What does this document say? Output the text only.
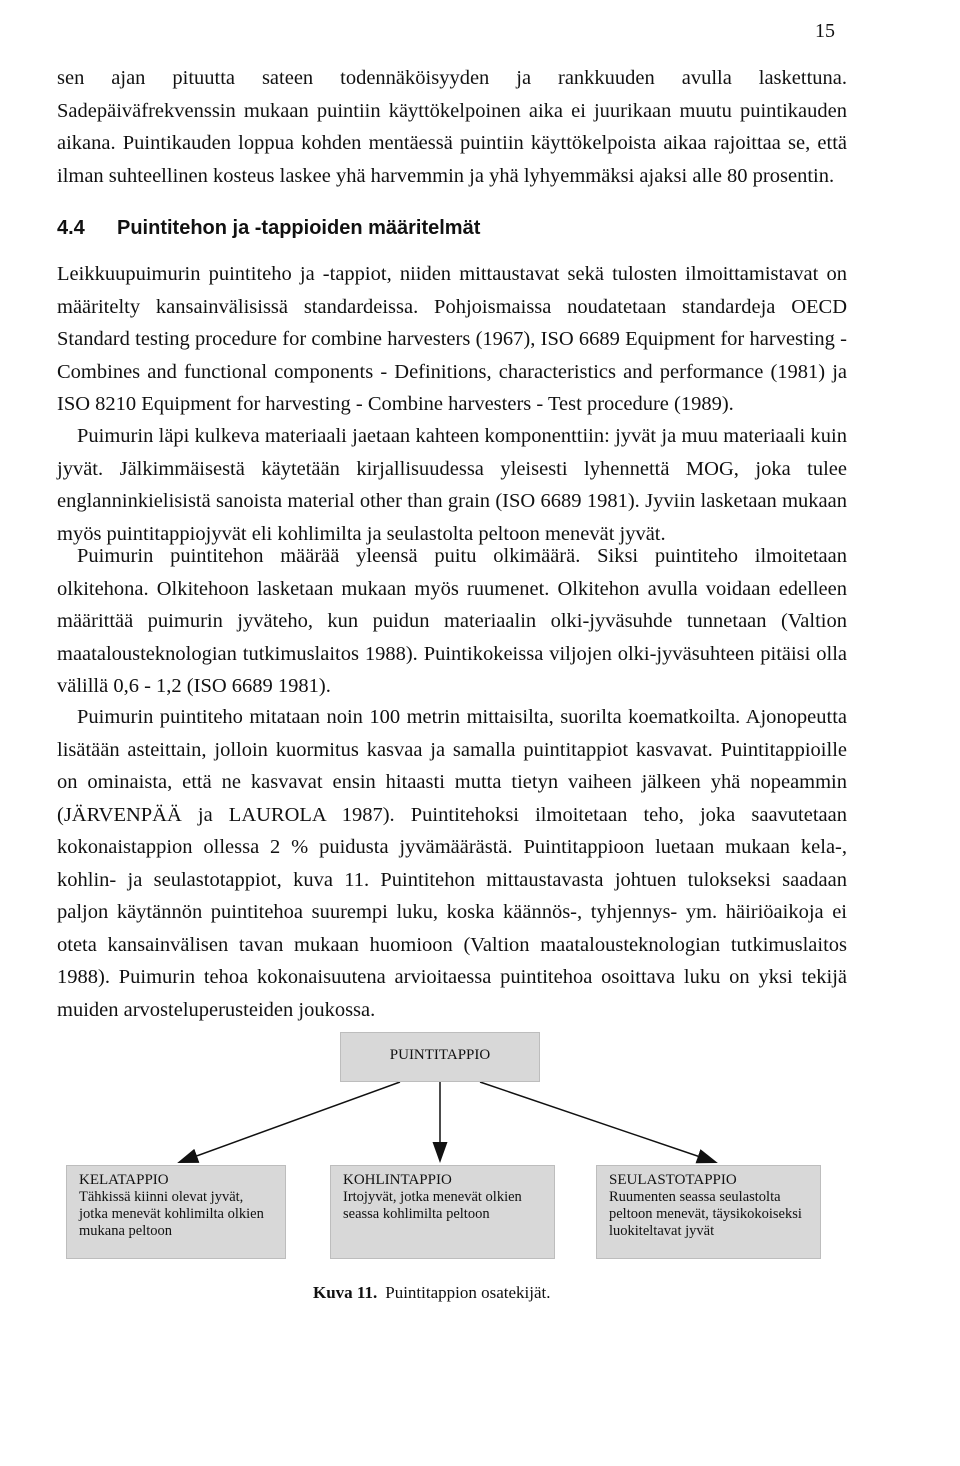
15

sen ajan pituutta sateen todennäköisyyden ja rankkuuden avulla laskettuna. Sadepäiväfrekvenssin mukaan puintiin käyttökelpoinen aika ei juurikaan muutu puintikauden aikana. Puintikauden loppua kohden mentäessä puintiin käyttökelpoista aikaa rajoittaa se, että ilman suhteellinen kosteus laskee yhä harvemmin ja yhä lyhyemmäksi ajaksi alle 80 prosentin.

4.4 Puintitehon ja -tappioiden määritelmät

Leikkuupuimurin puintiteho ja -tappiot, niiden mittaustavat sekä tulosten ilmoittamistavat on määritelty kansainvälisissä standardeissa. Pohjoismaissa noudatetaan standardeja OECD Standard testing procedure for combine harvesters (1967), ISO 6689 Equipment for harvesting - Combines and functional components - Definitions, characteristics and performance (1981) ja ISO 8210 Equipment for harvesting - Combine harvesters - Test procedure (1989).

Puimurin läpi kulkeva materiaali jaetaan kahteen komponenttiin: jyvät ja muu materiaali kuin jyvät. Jälkimmäisestä käytetään kirjallisuudessa yleisesti lyhennettä MOG, joka tulee englanninkielisistä sanoista material other than grain (ISO 6689 1981). Jyviin lasketaan mukaan myös puintitappiojyvät eli kohlimilta ja seulastolta peltoon menevät jyvät.

Puimurin puintitehon määrää yleensä puitu olkimäärä. Siksi puintiteho ilmoitetaan olkitehona. Olkitehoon lasketaan mukaan myös ruumenet. Olkitehon avulla voidaan edelleen määrittää puimurin jyväteho, kun puidun materiaalin olki-jyväsuhde tunnetaan (Valtion maatalousteknologian tutkimuslaitos 1988). Puintikokeissa viljojen olki-jyväsuhteen pitäisi olla välillä 0,6 - 1,2 (ISO 6689 1981).

Puimurin puintiteho mitataan noin 100 metrin mittaisilta, suorilta koematkoilta. Ajonopeutta lisätään asteittain, jolloin kuormitus kasvaa ja samalla puintitappiot kasvavat. Puintitappioille on ominaista, että ne kasvavat ensin hitaasti mutta tietyn vaiheen jälkeen yhä nopeammin (JÄRVENPÄÄ ja LAUROLA 1987). Puintitehoksi ilmoitetaan teho, joka saavutetaan kokonaistappion ollessa 2 % puidusta jyvämäärästä. Puintitappioon luetaan mukaan kela-, kohlin- ja seulastotappiot, kuva 11. Puintitehon mittaustavasta johtuen tulokseksi saadaan paljon käytännön puintitehoa suurempi luku, koska käännös-, tyhjennys- ym. häiriöaikoja ei oteta kansainvälisen tavan mukaan huomioon (Valtion maatalousteknologian tutkimuslaitos 1988). Puimurin tehoa kokonaisuutena arvioitaessa puintitehoa osoittava luku on yksi tekijä muiden arvosteluperusteiden joukossa.

PUINTITAPPIO
KELATAPPIO
Tähkissä kiinni olevat jyvät, jotka menevät kohlimilta olkien mukana peltoon
KOHLINTAPPIO
Irtojyvät, jotka menevät olkien seassa kohlimilta peltoon
SEULASTOTAPPIO
Ruumenten seassa seulastolta peltoon menevät, täysikokoiseksi luokiteltavat jyvät

Kuva 11. Puintitappion osatekijät.
